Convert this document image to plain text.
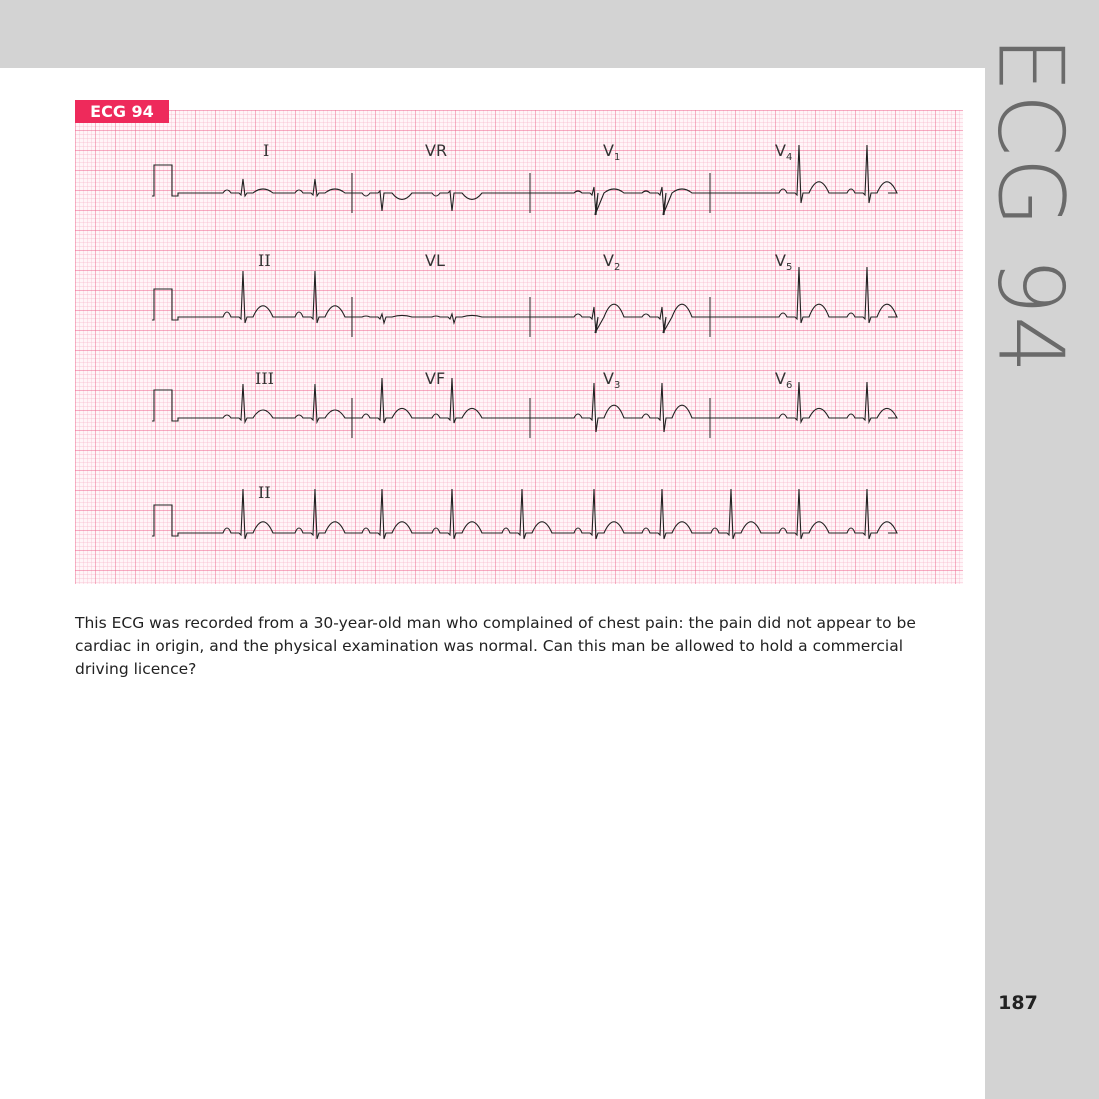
ECG 94
187
I	VR	$V_1$	$V_4$
II	VL	$V_2$	$V_5$
III	VF	$V_3$	$V_6$
II
ECG 94
This ECG was recorded from a 30-year-old man who complained of chest pain: the pain did not appear to be cardiac in origin, and the physical examination was normal. Can this man be allowed to hold a commercial driving licence?
